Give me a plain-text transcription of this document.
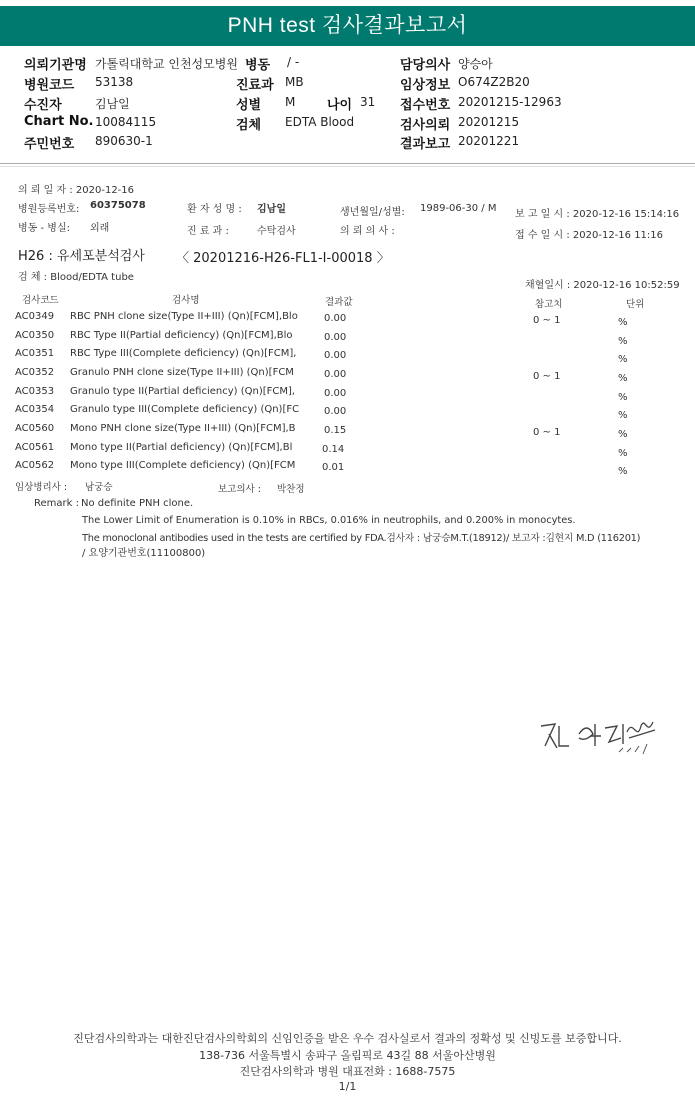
PNH test 검사결과보고서
의뢰기관명 가톨릭대학교 인천성모병원 병동 / -	담당의사 양승아
병원코드 53138	진료과 MB	임상정보 O674Z2B20
수진자	김남일	성별 M 나이 31 접수번호 20201215-12963
Chart No. 10084115	검체 EDTA Blood	검사의뢰 20201215
주민번호 890630-1	결과보고 20201221
의 뢰 일 자 : 2020-12-16
병원등록번호: 60375078	환 자 성 명 : 김남일	생년월일/성별: 1989-06-30 / M
보 고 일 시 : 2020-12-16 15:14:16
병동 - 병실: 외래	진 료 과 :	수탁검사	의 뢰 의 사 :	접 수 일 시 : 2020-12-16 11:16
H26 : 유세포분석검사 〈 20201216-H26-FL1-I-00018 〉
검 체 : Blood/EDTA tube
채혈일시 : 2020-12-16 10:52:59
검사코드	검사명	결과값	참고치	단위
AC0349 RBC PNH clone size(Type II+III) (Qn)[FCM],Blo	0.00	0 ~ 1	%
AC0350 RBC Type II(Partial deficiency) (Qn)[FCM],Blo	0.00	%
AC0351 RBC Type III(Complete deficiency) (Qn)[FCM],	0.00	%
AC0352 Granulo PNH clone size(Type II+III) (Qn)[FCM	0.00	0 ~ 1	%
AC0353 Granulo type II(Partial deficiency) (Qn)[FCM],	0.00	%
AC0354 Granulo type III(Complete deficiency) (Qn)[FC 0.00	%
AC0560 Mono PNH clone size(Type II+III) (Qn)[FCM],B	0.15	0 ~ 1	%
AC0561 Mono type II(Partial deficiency) (Qn)[FCM],Bl	0.14	%
AC0562 Mono type III(Complete deficiency) (Qn)[FCM	0.01	%
임상병리사 : 남궁승	보고의사 : 박찬정
Remark : No definite PNH clone.
The Lower Limit of Enumeration is 0.10% in RBCs, 0.016% in neutrophils, and 0.200% in monocytes.
The monoclonal antibodies used in the tests are certified by FDA.검사자 : 남궁승M.T.(18912)/ 보고자 :김현지 M.D (116201)
/ 요양기관번호(11100800)
진단검사의학과는 대한진단검사의학회의 신임인증을 받은 우수 검사실로서 결과의 정확성 및 신빙도를 보증합니다.
138-736 서울특별시 송파구 올림픽로 43길 88 서울아산병원
진단검사의학과 병원 대표전화 : 1688-7575
1/1
